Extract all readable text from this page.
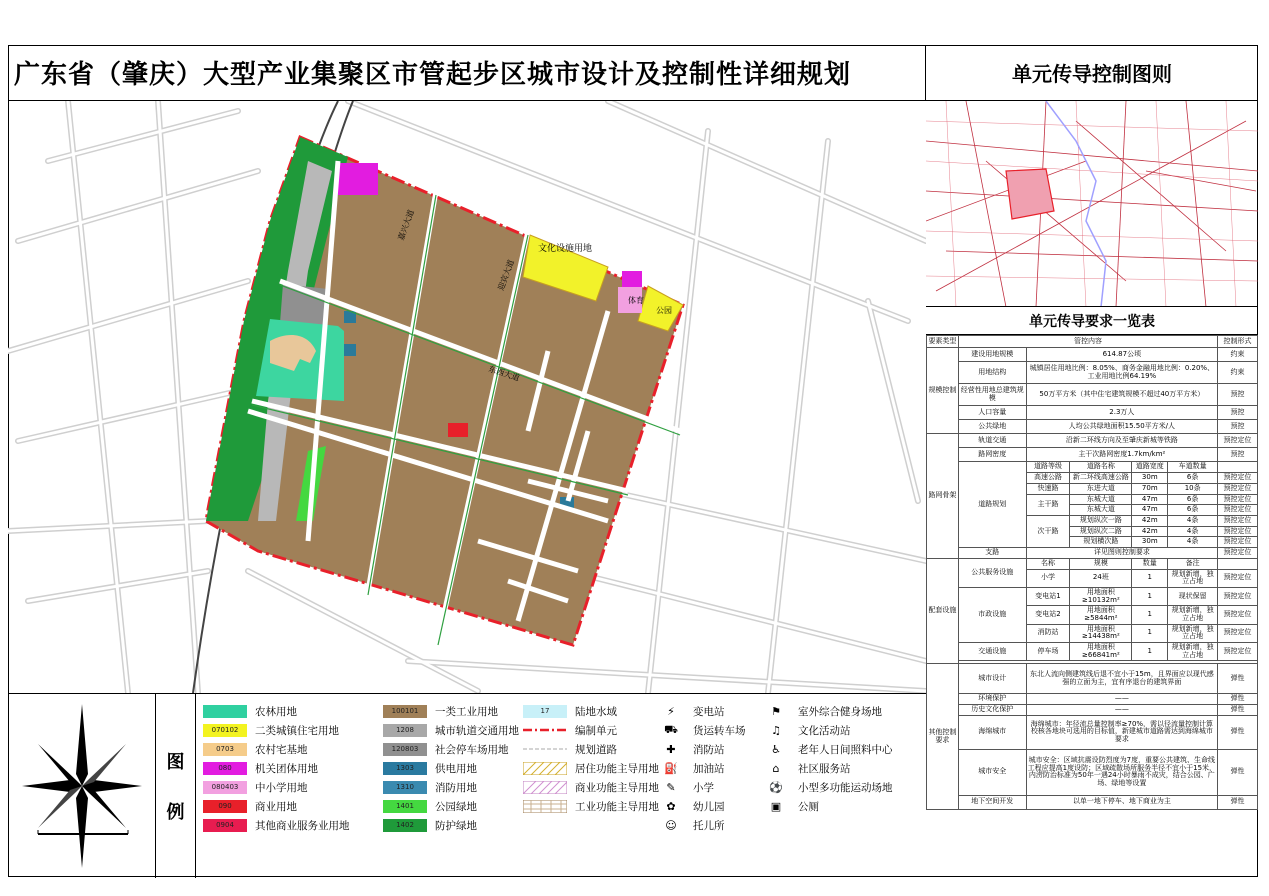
广东省（肇庆）大型产业集聚区市管起步区城市设计及控制性详细规划	单元传导控制图则
文化设施用地
体育
公园
嘉兴大道
迎宾大道
东西大道
单元传导要求一览表
要素类型	管控内容					控制形式
规模控制	建设用地规模	614.87公顷				约束
	用地结构	城镇居住用地比例：8.05%、商务金融用地比例：0.20%、工业用地比例64.19%				约束
	经营性用地总建筑规模	50万平方米（其中住宅建筑规模不超过40万平方米）				预控
	人口容量	2.3万人				预控
	公共绿地	人均公共绿地面积15.50平方米/人				预控
路网骨架	轨道交通	沿新二环线方向及至肇庆新城等铁路				预控定位
	路网密度	主干次路网密度1.7km/km²				预控
	道路规划	道路等级	道路名称	道路宽度	车道数量	
		高速公路	新二环线高速公路	30m	6条	预控定位
		快速路	东进大道	70m	10条	预控定位
		主干路	东城大道	47m	6条	预控定位
			东城大道	47m	6条	预控定位
		次干路	规划纵次一路	42m	4条	预控定位
			规划纵次二路	42m	4条	预控定位
			规划横次路	30m	4条	预控定位
	支路	详见图则控制要求				预控定位
配套设施	公共服务设施	名称	规模	数量	备注	
		小学	24班	1	规划新增，独立占地	预控定位
	市政设施	变电站1	用地面积≥10132m²	1	现状保留	预控定位
		变电站2	用地面积≥5844m²	1	规划新增，独立占地	预控定位
		消防站	用地面积≥14438m²	1	规划新增，独立占地	预控定位
	交通设施	停车场	用地面积≥66841m²	1	规划新增，独立占地	预控定位

其他控制要求	城市设计	东北人流向侧建筑线后退不宜小于15m，且界面应以现代感强的立面为主，宜有序退台的建筑界面				弹性
	环境保护	——				弹性
	历史文化保护	——				弹性
	海绵城市	海绵城市：年径流总量控制率≥70%，需以径流量控制计算校核各地块可选用的目标值，新建城市道路需达到海绵城市要求				弹性
	城市安全	城市安全：区域抗震设防烈度为7度，重要公共建筑、生命线工程应提高1度设防；区域疏散场所服务半径不宜小于15米，内涝防治标准为50年一遇24小时暴雨不成灾，结合公园、广场、绿地等设置				弹性
	地下空间开发	以单一地下停车、地下商业为主				弹性
图
例
农林用地
070102	二类城镇住宅用地
0703	农村宅基地
080	机关团体用地
080403	中小学用地
090	商业用地
0904	其他商业服务业用地
100101	一类工业用地
1208	城市轨道交通用地
120803	社会停车场用地
1303	供电用地
1310	消防用地
1401	公园绿地
1402	防护绿地
17	陆地水域
编制单元
规划道路
居住功能主导用地
商业功能主导用地
工业功能主导用地
⚡	变电站
⛟ 货运转车场
✚	消防站
⛽ 加油站
✎	小学
✿	幼儿园
☺ 托儿所
⚑ 室外综合健身场地
♫ 文化活动站
♿ 老年人日间照料中心
⌂	社区服务站
⚽ 小型多功能运动场地
▣ 公厕
